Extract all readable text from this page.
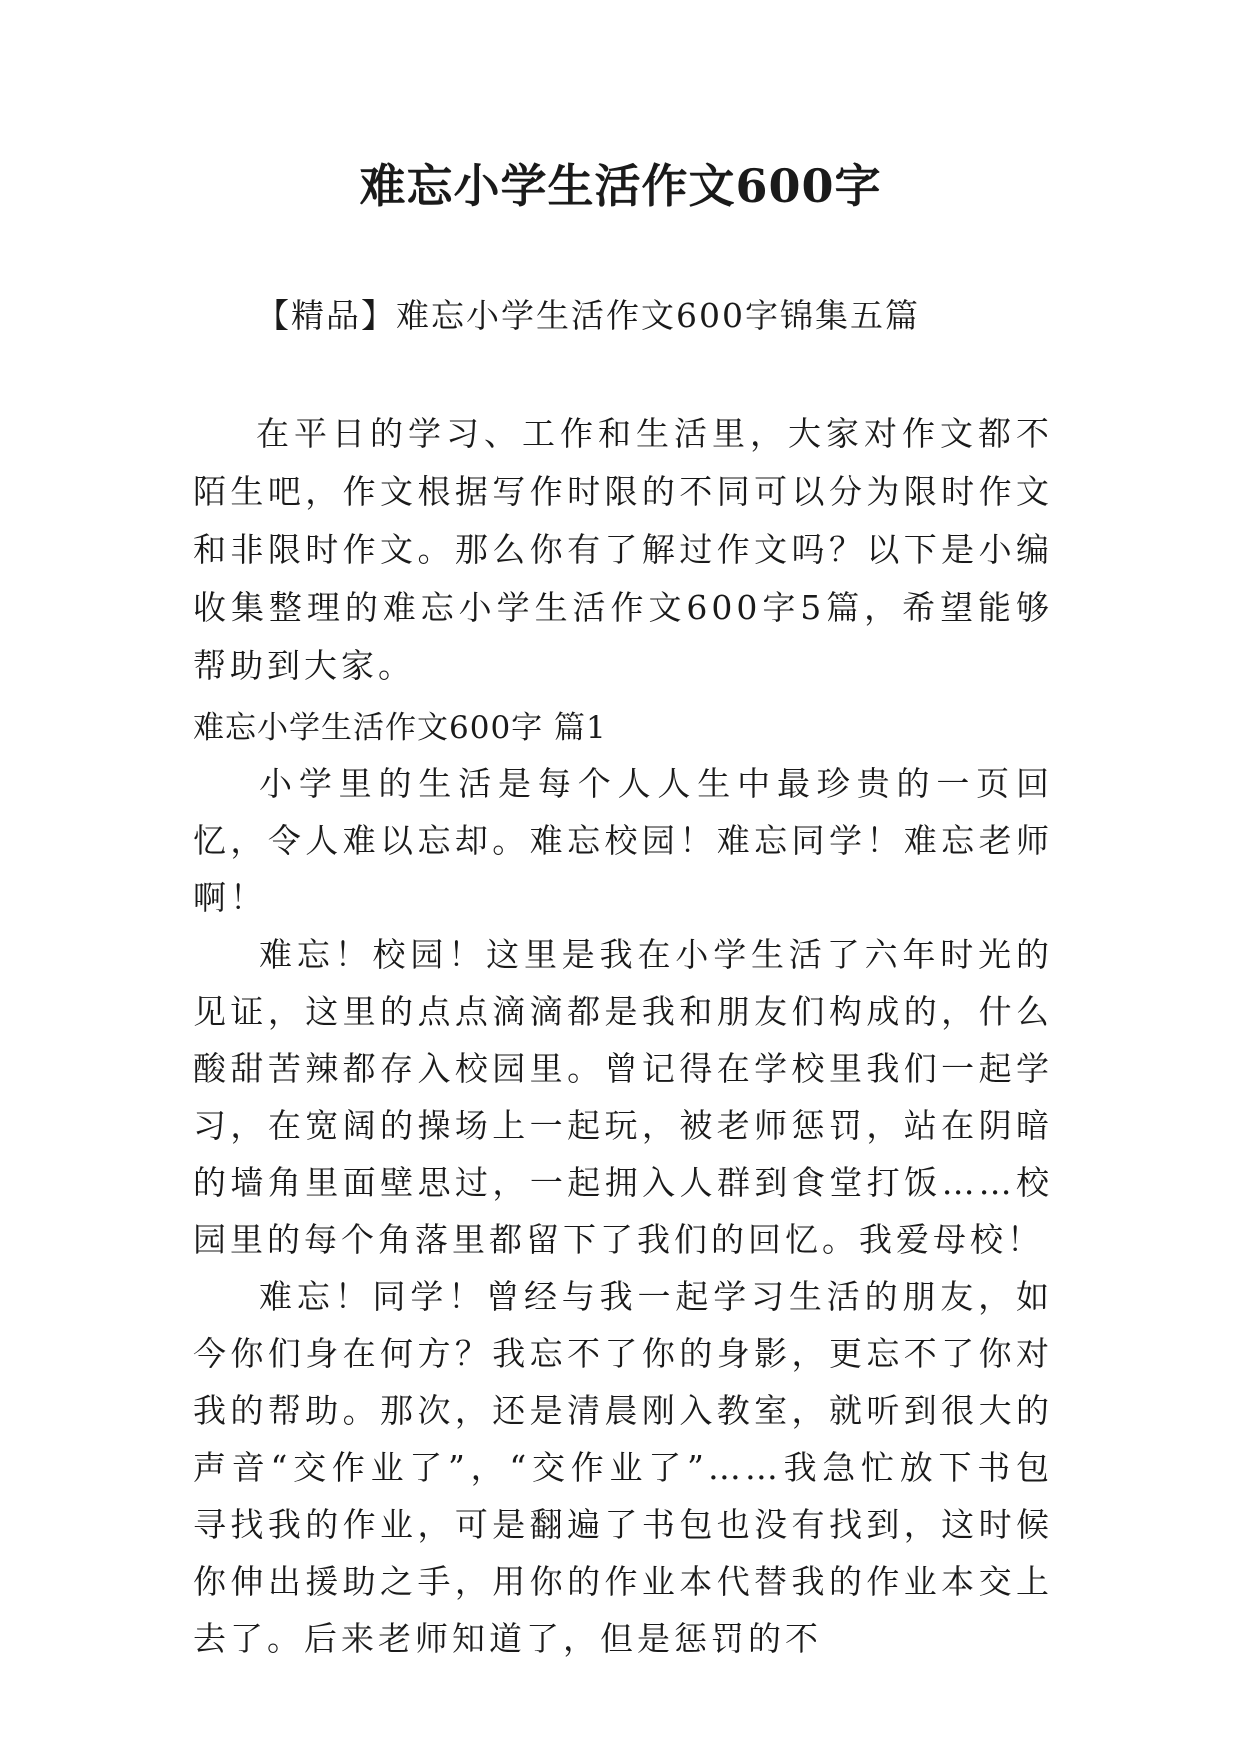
难忘小学生活作文600字

【精品】难忘小学生活作文600字锦集五篇

在平日的学习、工作和生活里，大家对作文都不陌生吧，作文根据写作时限的不同可以分为限时作文和非限时作文。那么你有了解过作文吗？以下是小编收集整理的难忘小学生活作文600字5篇，希望能够帮助到大家。

难忘小学生活作文600字 篇1

小学里的生活是每个人人生中最珍贵的一页回忆，令人难以忘却。难忘校园！难忘同学！难忘老师啊！

难忘！校园！这里是我在小学生活了六年时光的见证，这里的点点滴滴都是我和朋友们构成的，什么酸甜苦辣都存入校园里。曾记得在学校里我们一起学习，在宽阔的操场上一起玩，被老师惩罚，站在阴暗的墙角里面壁思过，一起拥入人群到食堂打饭……校园里的每个角落里都留下了我们的回忆。我爱母校！

难忘！同学！曾经与我一起学习生活的朋友，如今你们身在何方？我忘不了你的身影，更忘不了你对我的帮助。那次，还是清晨刚入教室，就听到很大的声音“交作业了”，“交作业了”……我急忙放下书包寻找我的作业，可是翻遍了书包也没有找到，这时候你伸出援助之手，用你的作业本代替我的作业本交上去了。后来老师知道了，但是惩罚的不
